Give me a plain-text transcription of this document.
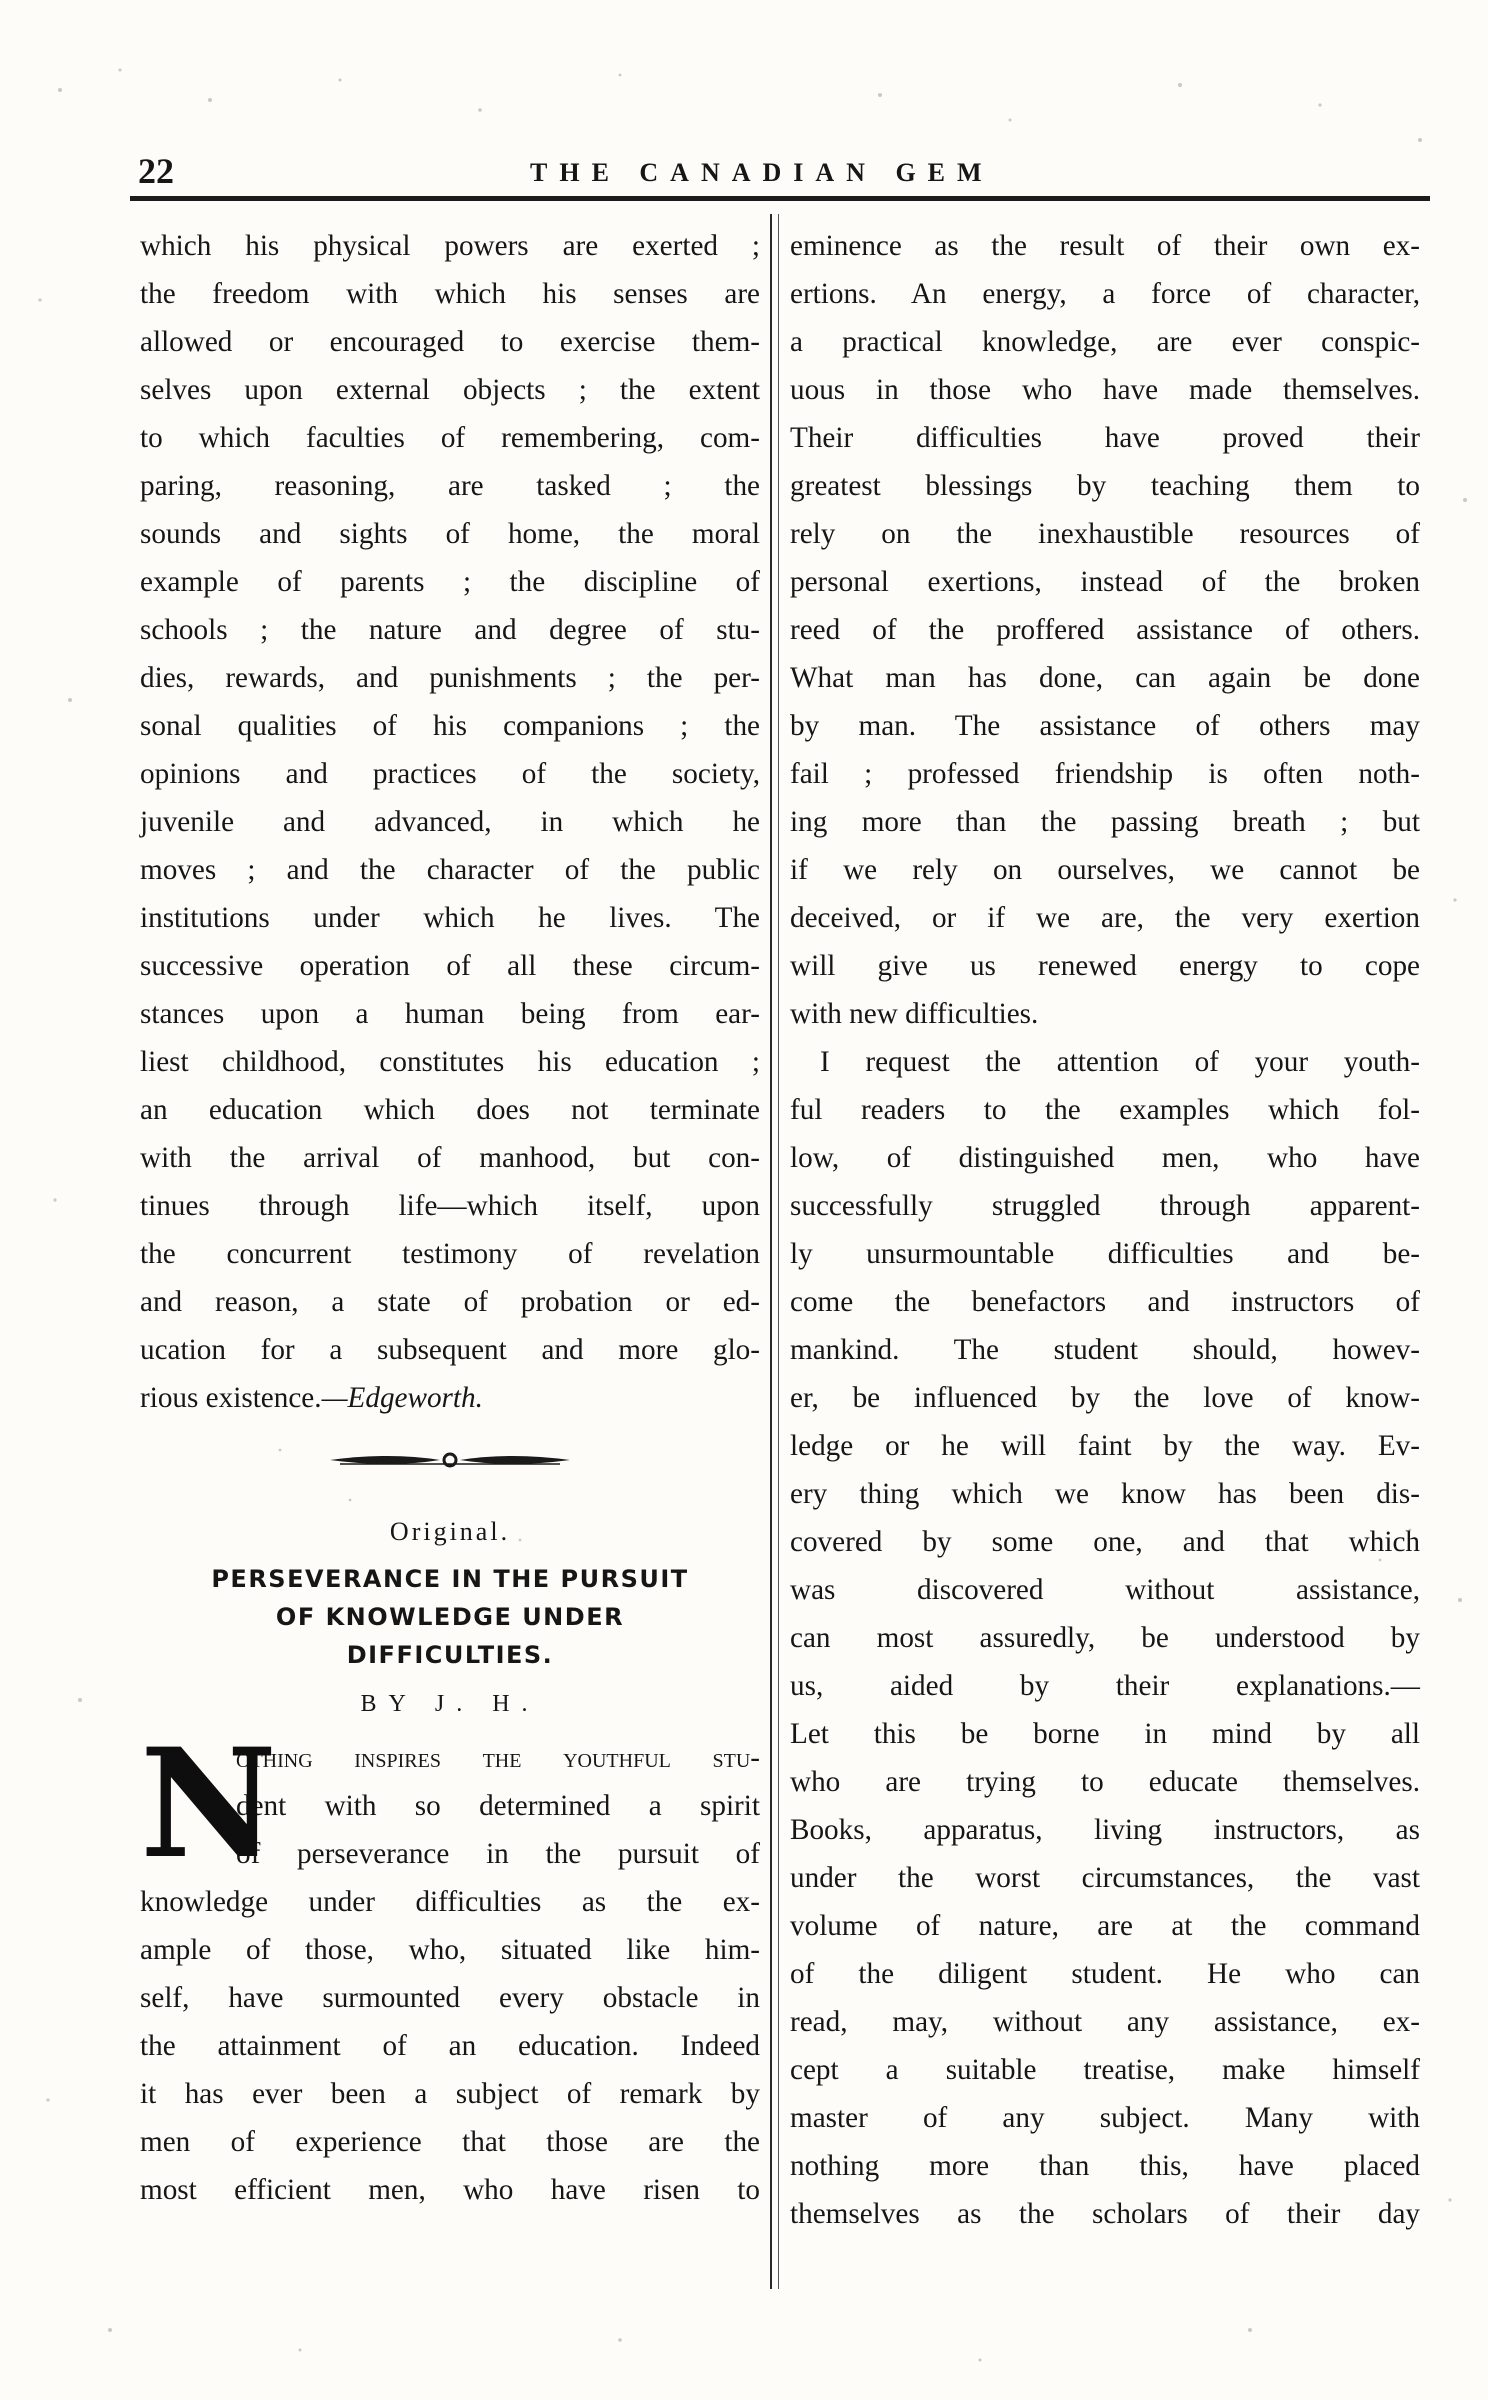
22	THE CANADIAN GEM
which his physical powers are exerted ;
the freedom with which his senses are
allowed or encouraged to exercise them-
selves upon external objects ; the extent
to which faculties of remembering, com-
paring, reasoning, are tasked ; the
sounds and sights of home, the moral
example of parents ; the discipline of
schools ; the nature and degree of stu-
dies, rewards, and punishments ; the per-
sonal qualities of his companions ; the
opinions and practices of the society,
juvenile and advanced, in which he
moves ; and the character of the public
institutions under which he lives. The
successive operation of all these circum-
stances upon a human being from ear-
liest childhood, constitutes his education ;
an education which does not terminate
with the arrival of manhood, but con-
tinues through life—which itself, upon
the concurrent testimony of revelation
and reason, a state of probation or ed-
ucation for a subsequent and more glo-
rious existence.—Edgeworth.
Original.
PERSEVERANCE IN THE PURSUIT
OF KNOWLEDGE UNDER
DIFFICULTIES.
BY J. H.
N
othing inspires the youthful stu-
dent with so determined a spirit
of perseverance in the pursuit of
knowledge under difficulties as the ex-
ample of those, who, situated like him-
self, have surmounted every obstacle in
the attainment of an education. Indeed
it has ever been a subject of remark by
men of experience that those are the
most efficient men, who have risen to
eminence as the result of their own ex-
ertions. An energy, a force of character,
a practical knowledge, are ever conspic-
uous in those who have made themselves.
Their difficulties have proved their
greatest blessings by teaching them to
rely on the inexhaustible resources of
personal exertions, instead of the broken
reed of the proffered assistance of others.
What man has done, can again be done
by man. The assistance of others may
fail ; professed friendship is often noth-
ing more than the passing breath ; but
if we rely on ourselves, we cannot be
deceived, or if we are, the very exertion
will give us renewed energy to cope
with new difficulties.
I request the attention of your youth-
ful readers to the examples which fol-
low, of distinguished men, who have
successfully struggled through apparent-
ly unsurmountable difficulties and be-
come the benefactors and instructors of
mankind. The student should, howev-
er, be influenced by the love of know-
ledge or he will faint by the way. Ev-
ery thing which we know has been dis-
covered by some one, and that which
was discovered without assistance,
can most assuredly, be understood by
us, aided by their explanations.—
Let this be borne in mind by all
who are trying to educate themselves.
Books, apparatus, living instructors, as
under the worst circumstances, the vast
volume of nature, are at the command
of the diligent student. He who can
read, may, without any assistance, ex-
cept a suitable treatise, make himself
master of any subject. Many with
nothing more than this, have placed
themselves as the scholars of their day
